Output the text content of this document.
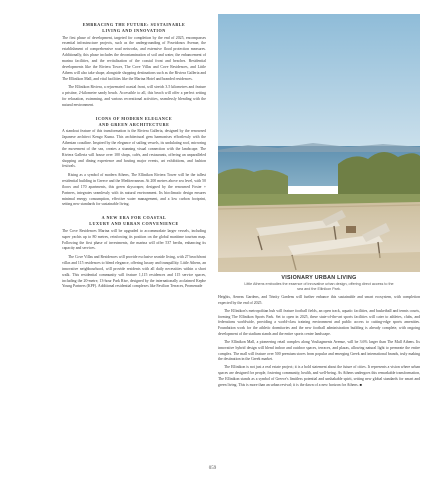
EMBRACING THE FUTURE: SUSTAINABLE
LIVING AND INNOVATION

The first phase of development, targeted for completion by the end of 2025, encompasses essential infrastructure projects, such as the undergrounding of Poseidonos Avenue, the establishment of comprehensive road networks, and extensive flood protection measures. Additionally, this phase includes the decontamination of soil and water, the enhancement of marina facilities, and the revitalisation of the coastal front and beaches. Residential developments like the Riviera Tower, The Cove Villas and Cove Residences, and Little Athens will also take shape, alongside shopping destinations such as the Riviera Galleria and The Ellinikon Mall, and vital facilities like the Marina Hotel and branded residences.

The Ellinikon Riviera, a rejuvenated coastal front, will stretch 3.5 kilometres and feature a pristine, 2-kilometre sandy beach. Accessible to all, this beach will offer a perfect setting for relaxation, swimming, and various recreational activities, seamlessly blending with the natural environment.

ICONS OF MODERN ELEGANCE
AND GREEN ARCHITECTURE

A standout feature of this transformation is the Riviera Galleria, designed by the renowned Japanese architect Kengo Kuma. This architectural gem harmonises effortlessly with the Athenian coastline. Inspired by the elegance of sailing vessels, its undulating roof, mirroring the movement of the sea, creates a stunning visual connection with the landscape. The Riviera Galleria will house over 100 shops, cafés, and restaurants, offering an unparalleled shopping and dining experience and hosting major events, art exhibitions, and fashion festivals.

Rising as a symbol of modern Athens, The Ellinikon Riviera Tower will be the tallest residential building in Greece and the Mediterranean. At 200 metres above sea level, with 50 floors and 170 apartments, this green skyscraper, designed by the renowned Foster + Partners, integrates seamlessly with its natural environment. Its bioclimatic design ensures minimal energy consumption, effective water management, and a low carbon footprint, setting new standards for sustainable living.

A NEW ERA FOR COASTAL
LUXURY AND URBAN CONVENIENCE

The Cove Residences Marina will be upgraded to accommodate larger vessels, including super yachts up to 80 metres, reinforcing its position on the global maritime tourism map. Following the first phase of investments, the marina will offer 537 berths, enhancing its capacity and services.

The Cove Villas and Residences will provide exclusive seaside living, with 27 beachfront villas and 115 residences to blend elegance, offering luxury and tranquillity. Little Athens, an innovative neighbourhood, will provide residents with all daily necessities within a short walk. This residential community will feature 1,115 residences and 115 service spaces, including the 20-metre, 13-hour Park Rise, designed by the internationally acclaimed Kephe Young Partners (KPF). Additional residential complexes like Pavilion Terraces, Promenade

VISIONARY URBAN LIVING
Little Athens embodies the essence of innovative urban design, offering direct access to the sea and the Ellinikon Park.

Heights, Aeneas Gardens, and Trinity Gardens will further enhance this sustainable and smart ecosystem, with completion expected by the end of 2025.

The Ellinikon's metropolitan hub will feature football fields, an open track, aquatic facilities, and basketball and tennis courts, forming The Ellinikon Sports Park. Set to open in 2025, these state-of-the-art sports facilities will cater to athletes, clubs, and federations worldwide, providing a world-class training environment and public access to cutting-edge sports amenities. Foundation work for the athletic dormitories and the new football administration building is already complete, with ongoing development of the stadium stands and the entire sports centre landscape.

The Ellinikon Mall, a pioneering retail complex along Vouliagmenis Avenue, will be 3.6% larger than The Mall Athens. Its innovative hybrid design will blend indoor and outdoor spaces, terraces, and plazas, allowing natural light to permeate the entire complex. The mall will feature over 500 premium stores from popular and emerging Greek and international brands, truly making the destination in the Greek market.

The Ellinikon is not just a real estate project; it is a bold statement about the future of cities. It represents a vision where urban spaces are designed for people, fostering community, health, and well-being. As Athens undergoes this remarkable transformation, The Ellinikon stands as a symbol of Greece's limitless potential and unshakable spirit, setting new global standards for smart and green living. This is more than an urban revival; it is the dawn of a new horizon for Athens. ■

059
